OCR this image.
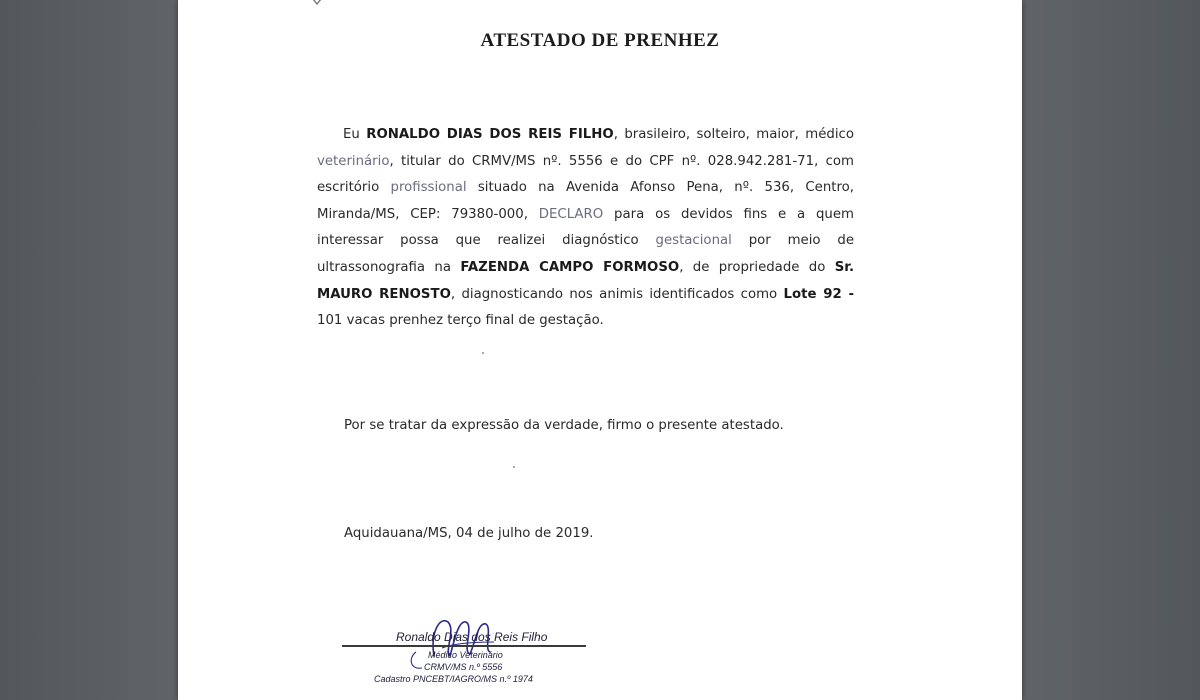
ATESTADO DE PRENHEZ

Eu RONALDO DIAS DOS REIS FILHO, brasileiro, solteiro, maior, médico veterinário, titular do CRMV/MS nº. 5556 e do CPF nº. 028.942.281-71, com escritório profissional situado na Avenida Afonso Pena, nº. 536, Centro, Miranda/MS, CEP: 79380-000, DECLARO para os devidos fins e a quem interessar possa que realizei diagnóstico gestacional por meio de ultrassonografia na FAZENDA CAMPO FORMOSO, de propriedade do Sr. MAURO RENOSTO, diagnosticando nos animis identificados como Lote 92 - 101 vacas prenhez terço final de gestação.

Por se tratar da expressão da verdade, firmo o presente atestado.
Aquidauana/MS, 04 de julho de 2019.
Ronaldo Dias dos Reis Filho
Médico Veterinário
CRMV/MS n.º 5556
Cadastro PNCEBT/IAGRO/MS n.º 1974
